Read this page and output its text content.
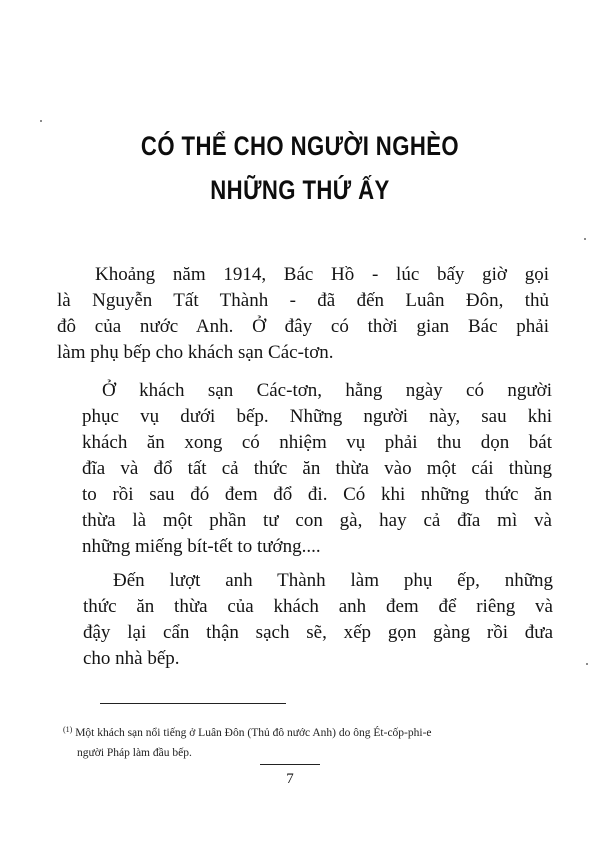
CÓ THỂ CHO NGƯỜI NGHÈO
NHỮNG THỨ ẤY
Khoảng năm 1914, Bác Hồ - lúc bấy giờ gọi
là Nguyễn Tất Thành - đã đến Luân Đôn, thủ
đô của nước Anh. Ở đây có thời gian Bác phải
làm phụ bếp cho khách sạn Các-tơn.
Ở khách sạn Các-tơn, hằng ngày có người
phục vụ dưới bếp. Những người này, sau khi
khách ăn xong có nhiệm vụ phải thu dọn bát
đĩa và đổ tất cả thức ăn thừa vào một cái thùng
to rồi sau đó đem đổ đi. Có khi những thức ăn
thừa là một phần tư con gà, hay cả đĩa mì và
những miếng bít-tết to tướng....
Đến lượt anh Thành làm phụ ếp, những
thức ăn thừa của khách anh đem để riêng và
đậy lại cẩn thận sạch sẽ, xếp gọn gàng rồi đưa
cho nhà bếp.
$^{(1)}$ Một khách sạn nổi tiếng ở Luân Đôn (Thủ đô nước Anh) do ông Ét-cốp-phi-e
người Pháp làm đầu bếp.
7
